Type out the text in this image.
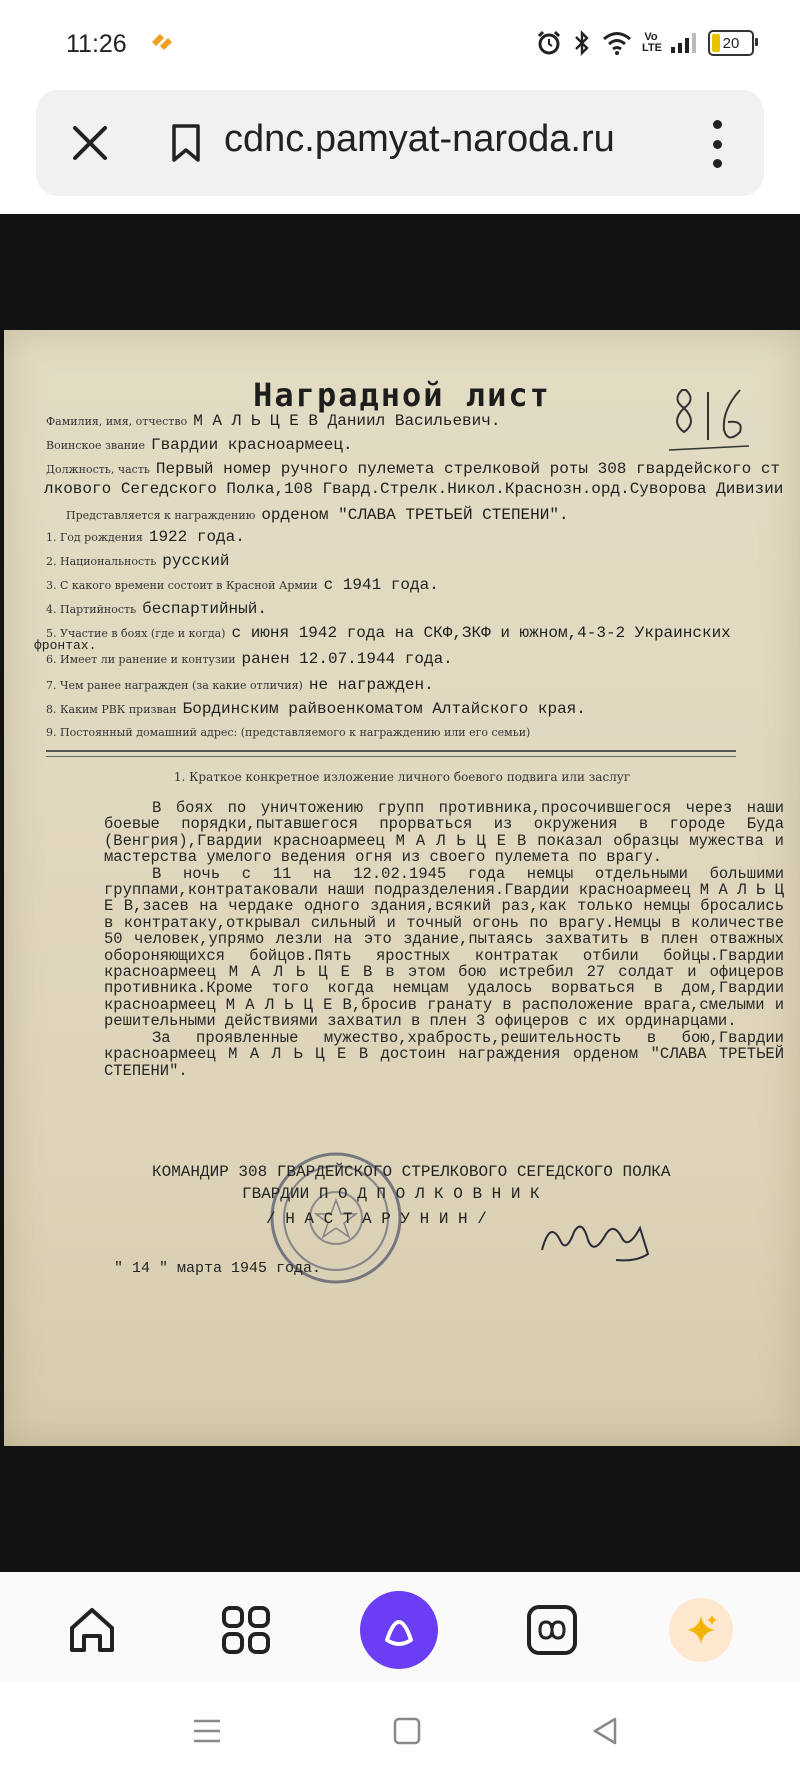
11:26	Vo LTE	20
cdnc.pamyat-naroda.ru
Наградной лист
Фамилия, имя, отчество М А Л Ь Ц Е В Даниил Васильевич.
Воинское звание Гвардии красноармеец.
Должность, часть Первый номер ручного пулемета стрелковой роты 308 гвардейского ст
лкового Сегедского Полка,108 Гвард.Стрелк.Никол.Краснозн.орд.Суворова Дивизии
Представляется к награждению орденом "СЛАВА ТРЕТЬЕЙ СТЕПЕНИ".
1. Год рождения 1922 года.
2. Национальность русский
3. С какого времени состоит в Красной Армии с 1941 года.
4. Партийность беспартийный.
5. Участие в боях (где и когда) с июня 1942 года на СКФ,ЗКФ и южном,4-3-2 Украинских
фронтах.
6. Имеет ли ранение и контузии ранен 12.07.1944 года.
7. Чем ранее награжден (за какие отличия) не награжден.
8. Каким РВК призван Бординским райвоенкоматом Алтайского края.
9. Постоянный домашний адрес: (представляемого к награждению или его семьи)
1. Краткое конкретное изложение личного боевого подвига или заслуг

В боях по уничтожению групп противника,просочившегося через наши боевые порядки,пытавшегося прорваться из окружения в городе Буда (Венгрия),Гвардии красноармеец М А Л Ь Ц Е В показал образцы мужества и мастерства умелого ведения огня из своего пулемета по врагу.

В ночь с 11 на 12.02.1945 года немцы отдельными большими группами,контратаковали наши подразделения.Гвардии красноармеец М А Л Ь Ц Е В,засев на чердаке одного здания,всякий раз,как только немцы бросались в контратаку,открывал сильный и точный огонь по врагу.Немцы в количестве 50 человек,упрямо лезли на это здание,пытаясь захватить в плен отважных обороняющихся бойцов.Пять яростных контратак отбили бойцы.Гвардии красноармеец М А Л Ь Ц Е В в этом бою истребил 27 солдат и офицеров противника.Кроме того когда немцам удалось ворваться в дом,Гвардии красноармеец М А Л Ь Ц Е В,бросив гранату в расположение врага,смелыми и решительными действиями захватил в плен 3 офицеров с их ординарцами.

За проявленные мужество,храбрость,решительность в бою,Гвардии красноармеец М А Л Ь Ц Е В достоин награждения орденом "СЛАВА ТРЕТЬЕЙ СТЕПЕНИ".

КОМАНДИР 308 ГВАРДЕЙСКОГО СТРЕЛКОВОГО СЕГЕДСКОГО ПОЛКА
ГВАРДИИ П О Д П О Л К О В Н И К
/ Н А С Т А Р У Н И Н /
" 14 " марта 1945 года.
